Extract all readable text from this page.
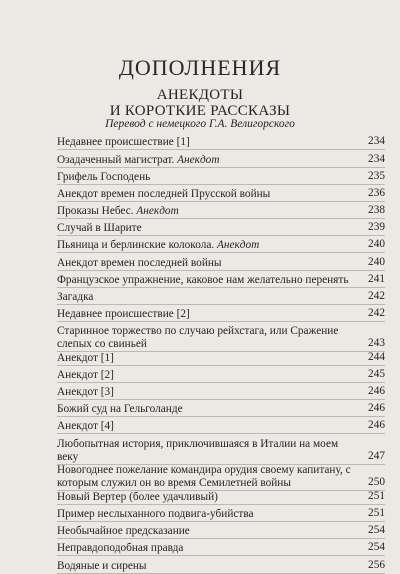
ДОПОЛНЕНИЯ
АНЕКДОТЫ
И КОРОТКИЕ РАССКАЗЫ
Перевод с немецкого Г.А. Велигорского
Недавнее происшествие [1]	234
Озадаченный магистрат. Анекдот	234
Грифель Господень	235
Анекдот времен последней Прусской войны	236
Проказы Небес. Анекдот	238
Случай в Шарите	239
Пьяница и берлинские колокола. Анекдот	240
Анекдот времен последней войны	240
Французское упражнение, каковое нам желательно перенять 241
Загадка	242
Недавнее происшествие [2]	242
Старинное торжество по случаю рейхстага, или Сражение слепых со свиньей	243
Анекдот [1]	244
Анекдот [2]	245
Анекдот [3]	246
Божий суд на Гельголанде	246
Анекдот [4]	246
Любопытная история, приключившаяся в Италии на моем веку	247
Новогоднее пожелание командира орудия своему капитану, с которым служил он во время Семилетней войны	250
Новый Вертер (более удачливый)	251
Пример неслыханного подвига-убийства	251
Необычайное предсказание	254
Неправдоподобная правда	254
Водяные и сирены	256
